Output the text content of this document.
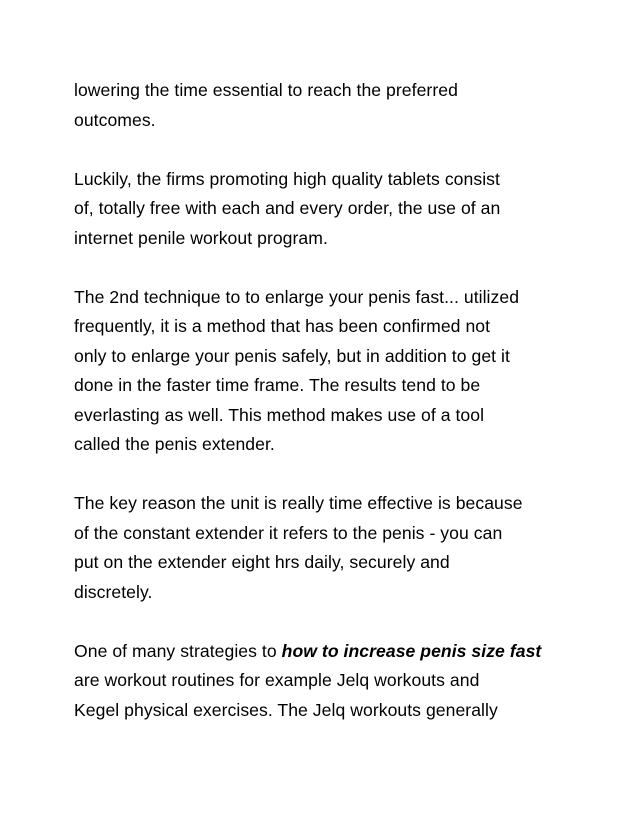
lowering the time essential to reach the preferred
outcomes.

Luckily, the firms promoting high quality tablets consist
of, totally free with each and every order, the use of an
internet penile workout program.

The 2nd technique to to enlarge your penis fast... utilized
frequently, it is a method that has been confirmed not
only to enlarge your penis safely, but in addition to get it
done in the faster time frame. The results tend to be
everlasting as well. This method makes use of a tool
called the penis extender.

The key reason the unit is really time effective is because
of the constant extender it refers to the penis - you can
put on the extender eight hrs daily, securely and
discretely.

One of many strategies to how to increase penis size fast
are workout routines for example Jelq workouts and
Kegel physical exercises. The Jelq workouts generally
